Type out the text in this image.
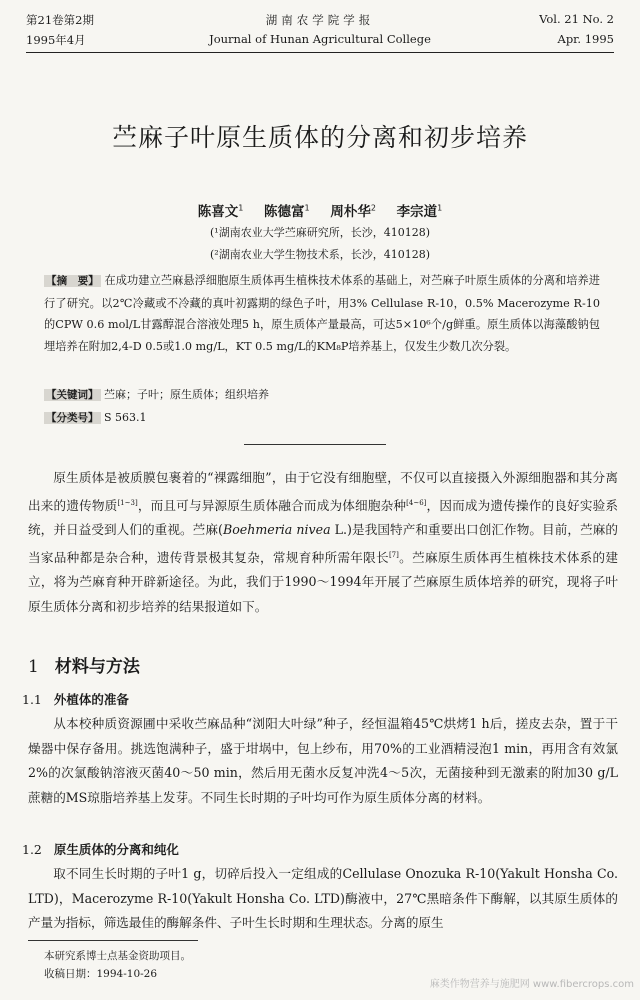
第21卷第2期	湖南农学院学报	Vol. 21 No. 2
1995年4月	Journal of Hunan Agricultural College	Apr. 1995
苎麻子叶原生质体的分离和初步培养
陈喜文$^1$ 陈德富$^1$ 周朴华$^2$ 李宗道$^1$
(¹湖南农业大学苎麻研究所，长沙，410128)
(²湖南农业大学生物技术系，长沙，410128)
【摘　要】 在成功建立苎麻悬浮细胞原生质体再生植株技术体系的基础上，对苎麻子叶原生质体的分离和培养进行了研究。以2℃冷藏或不冷藏的真叶初露期的绿色子叶，用3% Cellulase R-10，0.5% Macerozyme R-10的CPW 0.6 mol/L甘露醇混合溶液处理5 h，原生质体产量最高，可达5×10⁶个/g鲜重。原生质体以海藻酸钠包埋培养在附加2,4-D 0.5或1.0 mg/L，KT 0.5 mg/L的KM₈P培养基上，仅发生少数几次分裂。
【关键词】 苎麻；子叶；原生质体；组织培养
【分类号】 S 563.1

原生质体是被质膜包裹着的“裸露细胞”，由于它没有细胞壁，不仅可以直接摄入外源细胞器和其分离出来的遗传物质[1~3]，而且可与异源原生质体融合而成为体细胞杂种[4~6]，因而成为遗传操作的良好实验系统，并日益受到人们的重视。苎麻(Boehmeria nivea L.)是我国特产和重要出口创汇作物。目前，苎麻的当家品种都是杂合种，遗传背景极其复杂，常规育种所需年限长[7]。苎麻原生质体再生植株技术体系的建立，将为苎麻育种开辟新途径。为此，我们于1990～1994年开展了苎麻原生质体培养的研究，现将子叶原生质体分离和初步培养的结果报道如下。

1 材料与方法
1.1 外植体的准备

从本校种质资源圃中采收苎麻品种“浏阳大叶绿”种子，经恒温箱45℃烘烤1 h后，搓皮去杂，置于干燥器中保存备用。挑选饱满种子，盛于坩埚中，包上纱布，用70%的工业酒精浸泡1 min，再用含有效氯2%的次氯酸钠溶液灭菌40～50 min，然后用无菌水反复冲洗4～5次，无菌接种到无激素的附加30 g/L蔗糖的MS琼脂培养基上发芽。不同生长时期的子叶均可作为原生质体分离的材料。

1.2 原生质体的分离和纯化

取不同生长时期的子叶1 g，切碎后投入一定组成的Cellulase Onozuka R-10(Yakult Honsha Co. LTD)，Macerozyme R-10(Yakult Honsha Co. LTD)酶液中，27℃黑暗条件下酶解，以其原生质体的产量为指标，筛选最佳的酶解条件、子叶生长时期和生理状态。分离的原生

本研究系博士点基金资助项目。
收稿日期：1994-10-26
麻类作物营养与施肥网 www.fibercrops.com
